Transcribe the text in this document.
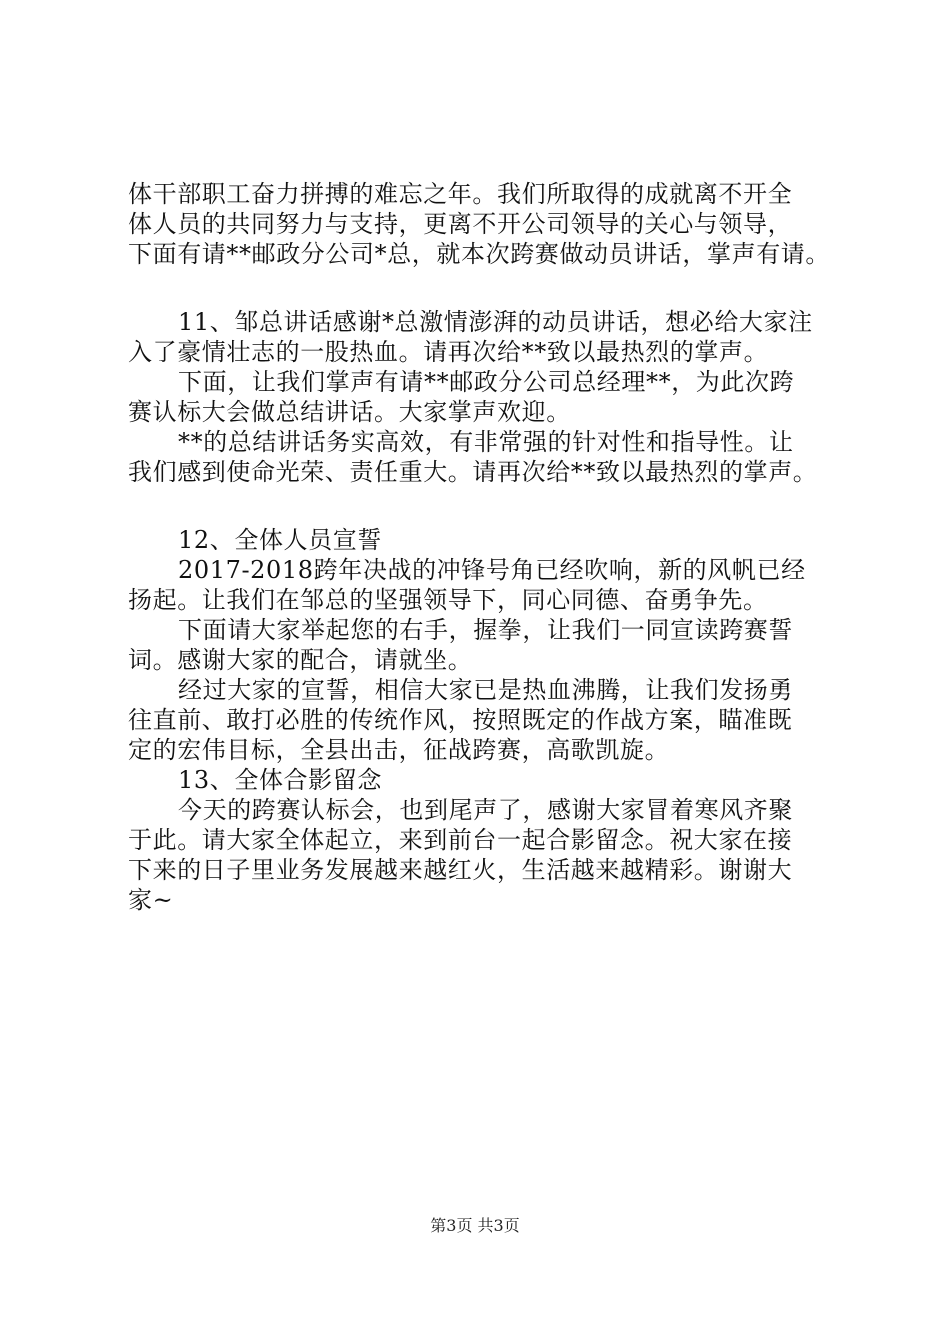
体干部职工奋力拼搏的难忘之年。我们所取得的成就离不开全
体人员的共同努力与支持，更离不开公司领导的关心与领导，
下面有请**邮政分公司*总，就本次跨赛做动员讲话，掌声有请。
11、邹总讲话感谢*总激情澎湃的动员讲话，想必给大家注
入了豪情壮志的一股热血。请再次给**致以最热烈的掌声。
下面，让我们掌声有请**邮政分公司总经理**，为此次跨
赛认标大会做总结讲话。大家掌声欢迎。
**的总结讲话务实高效，有非常强的针对性和指导性。让
我们感到使命光荣、责任重大。请再次给**致以最热烈的掌声。
12、全体人员宣誓
2017-2018跨年决战的冲锋号角已经吹响，新的风帆已经
扬起。让我们在邹总的坚强领导下，同心同德、奋勇争先。
下面请大家举起您的右手，握拳，让我们一同宣读跨赛誓
词。感谢大家的配合，请就坐。
经过大家的宣誓，相信大家已是热血沸腾，让我们发扬勇
往直前、敢打必胜的传统作风，按照既定的作战方案，瞄准既
定的宏伟目标，全县出击，征战跨赛，高歌凯旋。
13、全体合影留念
今天的跨赛认标会，也到尾声了，感谢大家冒着寒风齐聚
于此。请大家全体起立，来到前台一起合影留念。祝大家在接
下来的日子里业务发展越来越红火，生活越来越精彩。谢谢大
家~
第3页 共3页
